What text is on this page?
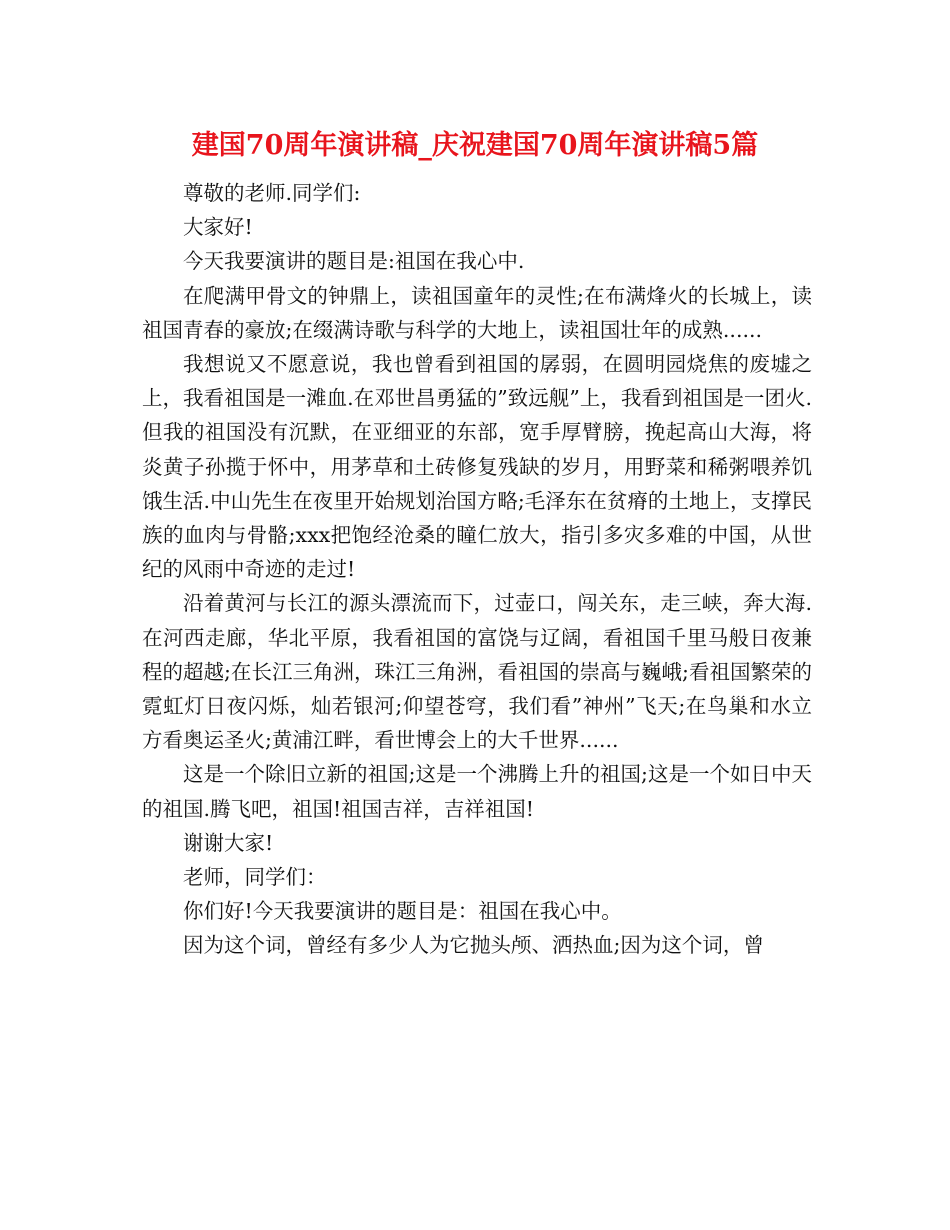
建国70周年演讲稿_庆祝建国70周年演讲稿5篇

尊敬的老师.同学们:

大家好!

今天我要演讲的题目是:祖国在我心中.

在爬满甲骨文的钟鼎上，读祖国童年的灵性;在布满烽火的长城上，读祖国青春的豪放;在缀满诗歌与科学的大地上，读祖国壮年的成熟......

我想说又不愿意说，我也曾看到祖国的孱弱，在圆明园烧焦的废墟之上，我看祖国是一滩血.在邓世昌勇猛的”致远舰”上，我看到祖国是一团火.但我的祖国没有沉默，在亚细亚的东部，宽手厚臂膀，挽起高山大海，将炎黄子孙揽于怀中，用茅草和土砖修复残缺的岁月，用野菜和稀粥喂养饥饿生活.中山先生在夜里开始规划治国方略;毛泽东在贫瘠的土地上，支撑民族的血肉与骨骼;xxx把饱经沧桑的瞳仁放大，指引多灾多难的中国，从世纪的风雨中奇迹的走过!

沿着黄河与长江的源头漂流而下，过壶口，闯关东，走三峡，奔大海.在河西走廊，华北平原，我看祖国的富饶与辽阔，看祖国千里马般日夜兼程的超越;在长江三角洲，珠江三角洲，看祖国的崇高与巍峨;看祖国繁荣的霓虹灯日夜闪烁，灿若银河;仰望苍穹，我们看”神州”飞天;在鸟巢和水立方看奥运圣火;黄浦江畔，看世博会上的大千世界......

这是一个除旧立新的祖国;这是一个沸腾上升的祖国;这是一个如日中天的祖国.腾飞吧，祖国!祖国吉祥，吉祥祖国!

谢谢大家!

老师，同学们：

你们好!今天我要演讲的题目是：祖国在我心中。

因为这个词，曾经有多少人为它抛头颅、洒热血;因为这个词，曾
